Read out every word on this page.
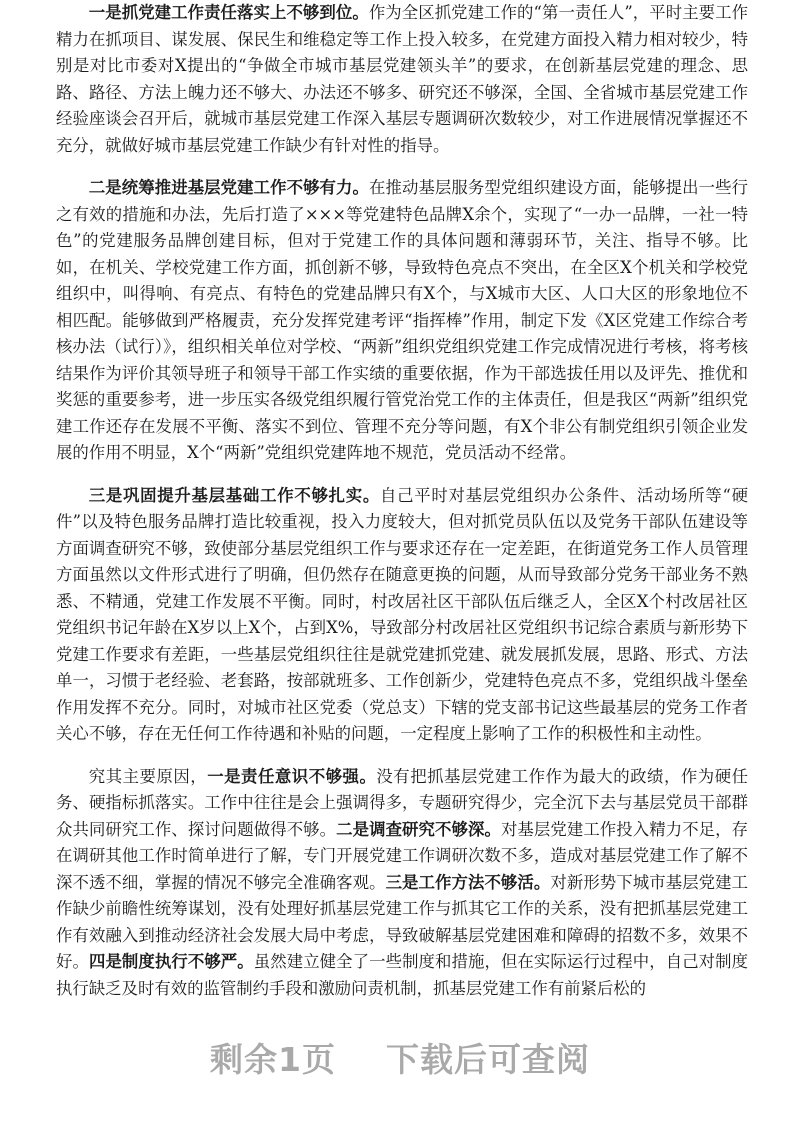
一是抓党建工作责任落实上不够到位。作为全区抓党建工作的“第一责任人”，平时主要工作精力在抓项目、谋发展、保民生和维稳定等工作上投入较多，在党建方面投入精力相对较少，特别是对比市委对X提出的“争做全市城市基层党建领头羊”的要求，在创新基层党建的理念、思路、路径、方法上魄力还不够大、办法还不够多、研究还不够深，全国、全省城市基层党建工作经验座谈会召开后，就城市基层党建工作深入基层专题调研次数较少，对工作进展情况掌握还不充分，就做好城市基层党建工作缺少有针对性的指导。

二是统筹推进基层党建工作不够有力。在推动基层服务型党组织建设方面，能够提出一些行之有效的措施和办法，先后打造了×××等党建特色品牌X余个，实现了“一办一品牌，一社一特色”的党建服务品牌创建目标，但对于党建工作的具体问题和薄弱环节，关注、指导不够。比如，在机关、学校党建工作方面，抓创新不够，导致特色亮点不突出，在全区X个机关和学校党组织中，叫得响、有亮点、有特色的党建品牌只有X个，与X城市大区、人口大区的形象地位不相匹配。能够做到严格履责，充分发挥党建考评“指挥棒”作用，制定下发《X区党建工作综合考核办法（试行）》，组织相关单位对学校、“两新”组织党组织党建工作完成情况进行考核，将考核结果作为评价其领导班子和领导干部工作实绩的重要依据，作为干部选拔任用以及评先、推优和奖惩的重要参考，进一步压实各级党组织履行管党治党工作的主体责任，但是我区“两新”组织党建工作还存在发展不平衡、落实不到位、管理不充分等问题，有X个非公有制党组织引领企业发展的作用不明显，X个“两新”党组织党建阵地不规范，党员活动不经常。

三是巩固提升基层基础工作不够扎实。自己平时对基层党组织办公条件、活动场所等“硬件”以及特色服务品牌打造比较重视，投入力度较大，但对抓党员队伍以及党务干部队伍建设等方面调查研究不够，致使部分基层党组织工作与要求还存在一定差距，在街道党务工作人员管理方面虽然以文件形式进行了明确，但仍然存在随意更换的问题，从而导致部分党务干部业务不熟悉、不精通，党建工作发展不平衡。同时，村改居社区干部队伍后继乏人，全区X个村改居社区党组织书记年龄在X岁以上X个，占到X%，导致部分村改居社区党组织书记综合素质与新形势下党建工作要求有差距，一些基层党组织往往是就党建抓党建、就发展抓发展，思路、形式、方法单一，习惯于老经验、老套路，按部就班多、工作创新少，党建特色亮点不多，党组织战斗堡垒作用发挥不充分。同时，对城市社区党委（党总支）下辖的党支部书记这些最基层的党务工作者关心不够，存在无任何工作待遇和补贴的问题，一定程度上影响了工作的积极性和主动性。

究其主要原因，一是责任意识不够强。没有把抓基层党建工作作为最大的政绩，作为硬任务、硬指标抓落实。工作中往往是会上强调得多，专题研究得少，完全沉下去与基层党员干部群众共同研究工作、探讨问题做得不够。二是调查研究不够深。对基层党建工作投入精力不足，存在调研其他工作时简单进行了解，专门开展党建工作调研次数不多，造成对基层党建工作了解不深不透不细，掌握的情况不够完全准确客观。三是工作方法不够活。对新形势下城市基层党建工作缺少前瞻性统筹谋划，没有处理好抓基层党建工作与抓其它工作的关系，没有把抓基层党建工作有效融入到推动经济社会发展大局中考虑，导致破解基层党建困难和障碍的招数不多，效果不好。四是制度执行不够严。虽然建立健全了一些制度和措施，但在实际运行过程中，自己对制度执行缺乏及时有效的监管制约手段和激励问责机制，抓基层党建工作有前紧后松的

剩余1页    下载后可查阅
